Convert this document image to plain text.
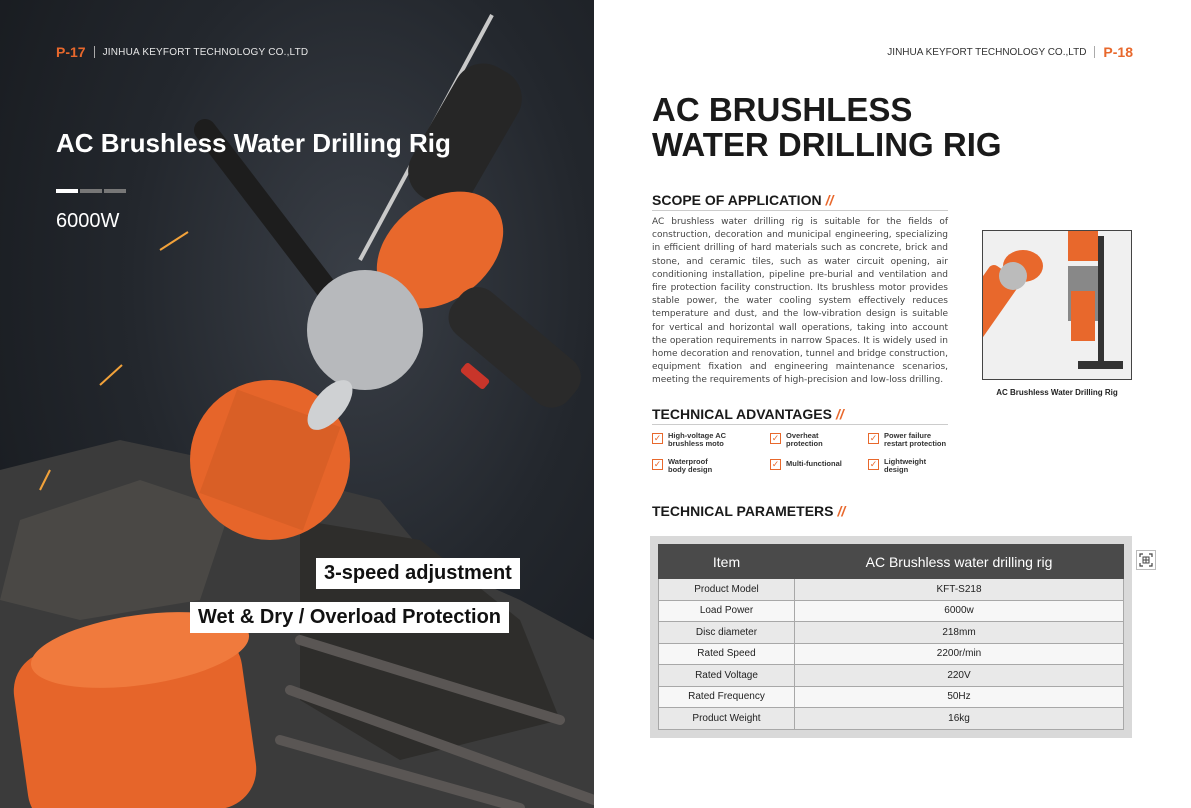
P-17 JINHUA KEYFORT TECHNOLOGY CO.,LTD
AC Brushless Water Drilling Rig
6000W
3-speed adjustment
Wet & Dry / Overload Protection
JINHUA KEYFORT TECHNOLOGY CO.,LTD P-18
AC BRUSHLESS
WATER DRILLING RIG
SCOPE OF APPLICATION //
AC brushless water drilling rig is suitable for the fields of construction, decoration and municipal engineering, specializing in efficient drilling of hard materials such as concrete, brick and stone, and ceramic tiles, such as water circuit opening, air conditioning installation, pipeline pre-burial and ventilation and fire protection facility construction. Its brushless motor provides stable power, the water cooling system effectively reduces temperature and dust, and the low-vibration design is suitable for vertical and horizontal wall operations, taking into account the operation requirements in narrow Spaces. It is widely used in home decoration and renovation, tunnel and bridge construction, equipment fixation and engineering maintenance scenarios, meeting the requirements of high-precision and low-loss drilling.
AC Brushless Water Drilling Rig
TECHNICAL ADVANTAGES //
✓ High-voltage AC
brushless moto
✓ Overheat
protection
✓ Power failure
restart protection
✓ Waterproof
body design
✓ Multi-functional	✓ Lightweight
design
TECHNICAL PARAMETERS //
Item	AC Brushless water drilling rig
Product Model	KFT-S218
Load Power	6000w
Disc diameter	218mm
Rated Speed	2200r/min
Rated Voltage	220V
Rated Frequency	50Hz
Product Weight	16kg
